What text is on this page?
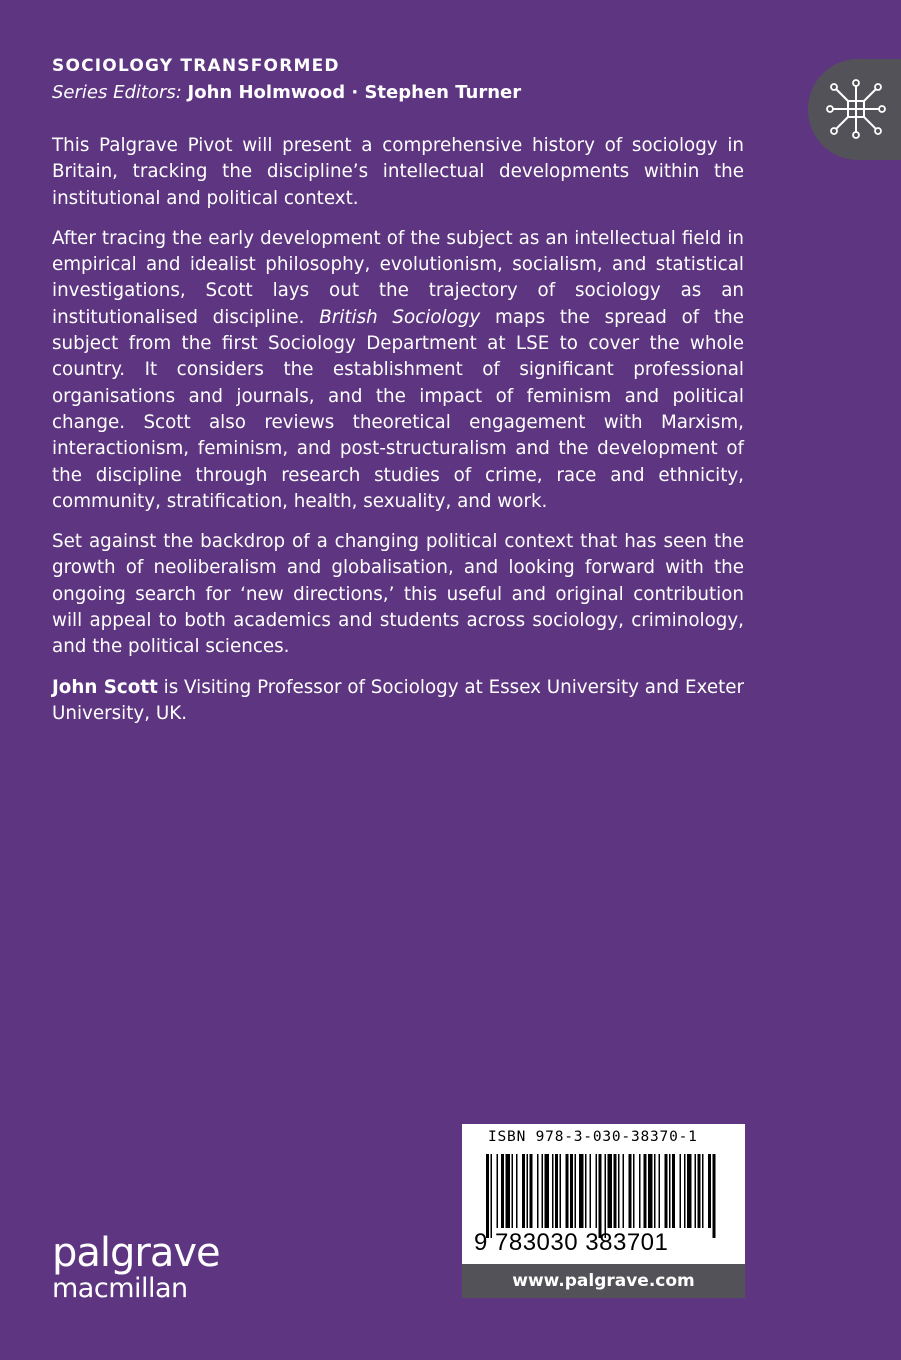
SOCIOLOGY TRANSFORMED
Series Editors: John Holmwood · Stephen Turner

This Palgrave Pivot will present a comprehensive history of sociology in Britain, tracking the discipline’s intellectual developments within the institutional and political context.

After tracing the early development of the subject as an intellectual field in empirical and idealist philosophy, evolutionism, socialism, and statistical investigations, Scott lays out the trajectory of sociology as an institutionalised discipline. British Sociology maps the spread of the subject from the first Sociology Department at LSE to cover the whole country. It considers the establishment of significant professional organisations and journals, and the impact of feminism and political change. Scott also reviews theoretical engagement with Marxism, interactionism, feminism, and post-structuralism and the development of the discipline through research studies of crime, race and ethnicity, community, stratification, health, sexuality, and work.

Set against the backdrop of a changing political context that has seen the growth of neoliberalism and globalisation, and looking forward with the ongoing search for ‘new directions,’ this useful and original contribution will appeal to both academics and students across sociology, criminology, and the political sciences.

John Scott is Visiting Professor of Sociology at Essex University and Exeter University, UK.

palgrave
macmillan
ISBN 978-3-030-38370-1
9 783030 383701
www.palgrave.com
